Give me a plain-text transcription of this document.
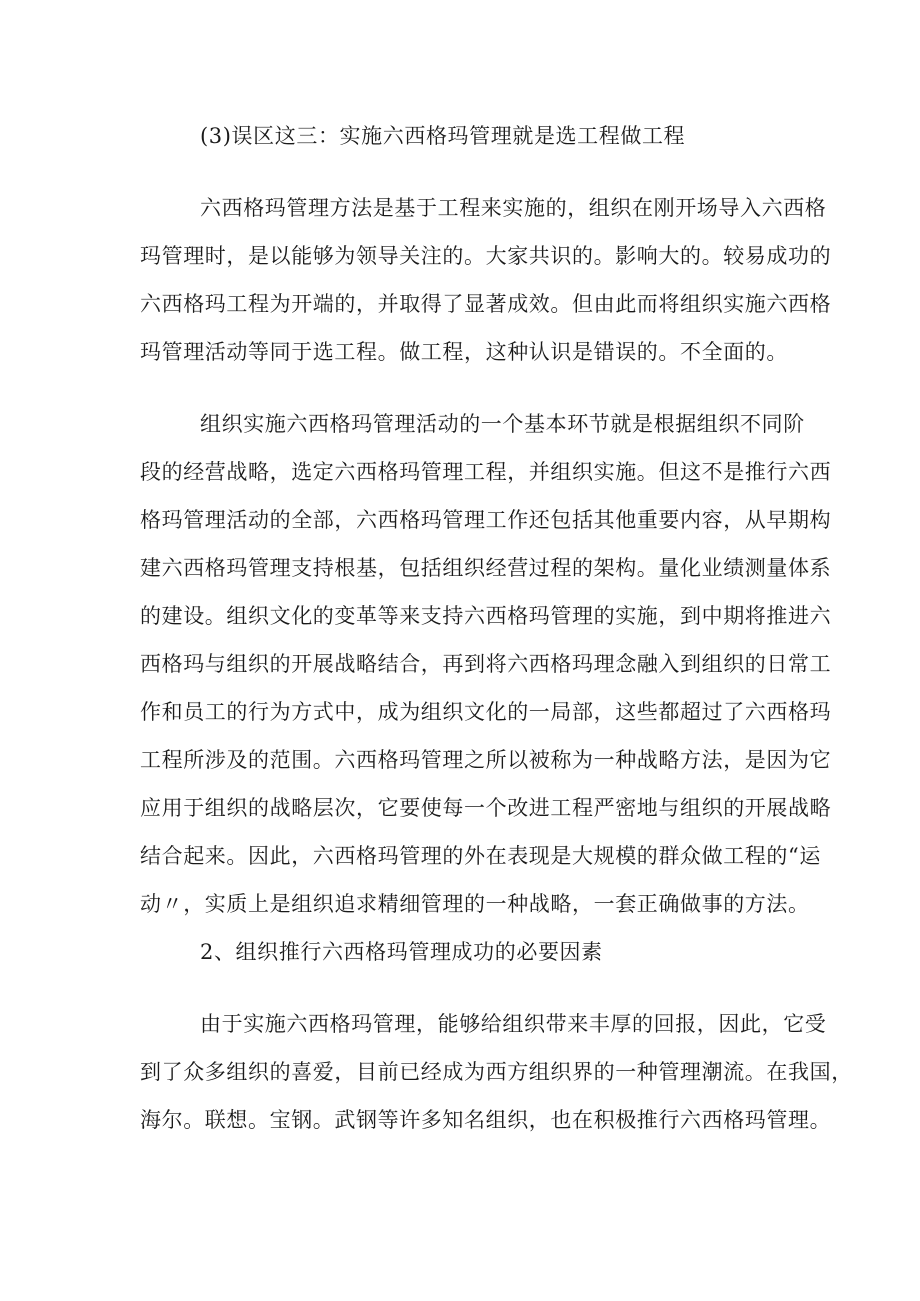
(3)误区这三：实施六西格玛管理就是选工程做工程
六西格玛管理方法是基于工程来实施的，组织在刚开场导入六西格
玛管理时，是以能够为领导关注的。大家共识的。影响大的。较易成功的
六西格玛工程为开端的，并取得了显著成效。但由此而将组织实施六西格
玛管理活动等同于选工程。做工程，这种认识是错误的。不全面的。
组织实施六西格玛管理活动的一个基本环节就是根据组织不同阶
段的经营战略，选定六西格玛管理工程，并组织实施。但这不是推行六西
格玛管理活动的全部，六西格玛管理工作还包括其他重要内容，从早期构
建六西格玛管理支持根基，包括组织经营过程的架构。量化业绩测量体系
的建设。组织文化的变革等来支持六西格玛管理的实施，到中期将推进六
西格玛与组织的开展战略结合，再到将六西格玛理念融入到组织的日常工
作和员工的行为方式中，成为组织文化的一局部，这些都超过了六西格玛
工程所涉及的范围。六西格玛管理之所以被称为一种战略方法，是因为它
应用于组织的战略层次，它要使每一个改进工程严密地与组织的开展战略
结合起来。因此，六西格玛管理的外在表现是大规模的群众做工程的“运
动〃，实质上是组织追求精细管理的一种战略，一套正确做事的方法。
2、组织推行六西格玛管理成功的必要因素
由于实施六西格玛管理，能够给组织带来丰厚的回报，因此，它受
到了众多组织的喜爱，目前已经成为西方组织界的一种管理潮流。在我国，
海尔。联想。宝钢。武钢等许多知名组织，也在积极推行六西格玛管理。
